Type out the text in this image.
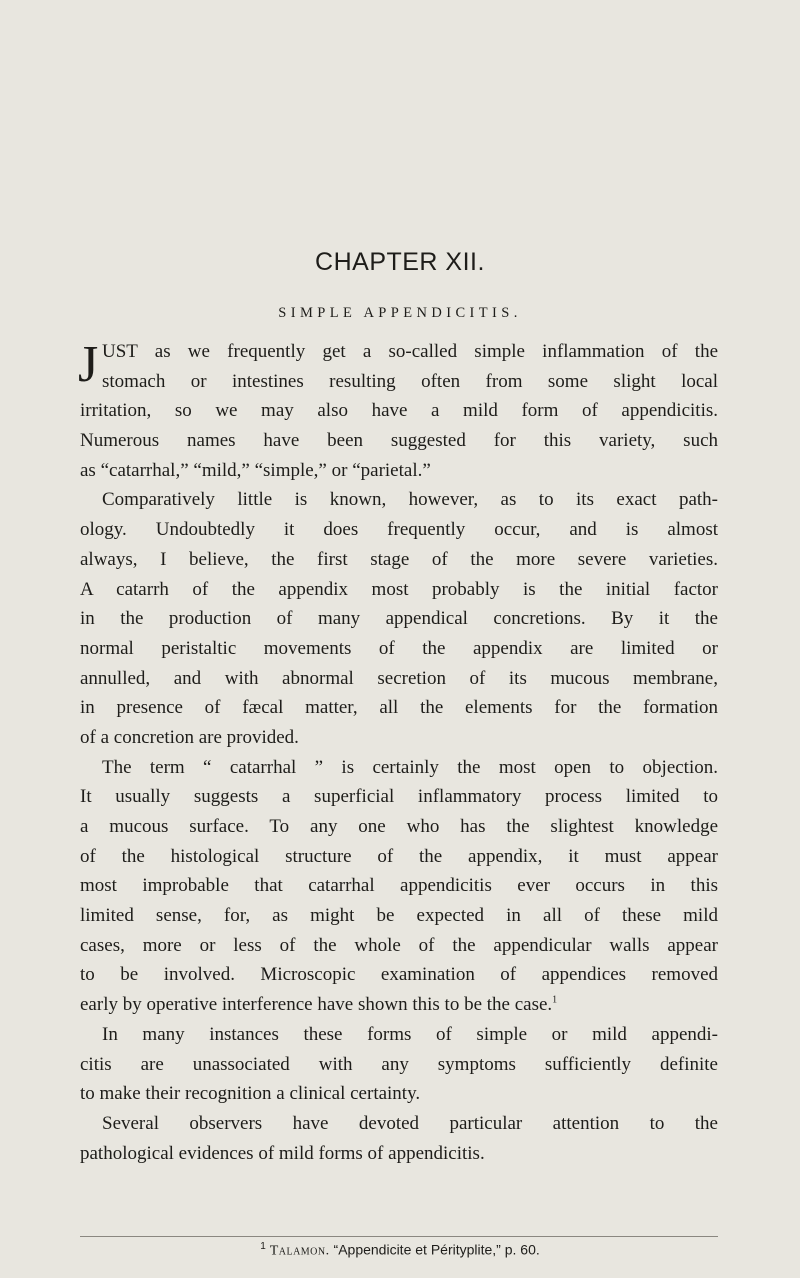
CHAPTER XII.
SIMPLE APPENDICITIS.
J UST as we frequently get a so-called simple inflammation of the
stomach or intestines resulting often from some slight local
irritation, so we may also have a mild form of appendicitis.
Numerous names have been suggested for this variety, such
as “catarrhal,” “mild,” “simple,” or “parietal.”
Comparatively little is known, however, as to its exact path-
ology. Undoubtedly it does frequently occur, and is almost
always, I believe, the first stage of the more severe varieties.
A catarrh of the appendix most probably is the initial factor
in the production of many appendical concretions. By it the
normal peristaltic movements of the appendix are limited or
annulled, and with abnormal secretion of its mucous membrane,
in presence of fæcal matter, all the elements for the formation
of a concretion are provided.
The term “ catarrhal ” is certainly the most open to objection.
It usually suggests a superficial inflammatory process limited to
a mucous surface. To any one who has the slightest knowledge
of the histological structure of the appendix, it must appear
most improbable that catarrhal appendicitis ever occurs in this
limited sense, for, as might be expected in all of these mild
cases, more or less of the whole of the appendicular walls appear
to be involved. Microscopic examination of appendices removed
early by operative interference have shown this to be the case.$^1$
In many instances these forms of simple or mild appendi-
citis are unassociated with any symptoms sufficiently definite
to make their recognition a clinical certainty.
Several observers have devoted particular attention to the
pathological evidences of mild forms of appendicitis.
$^1$ Talamon. “Appendicite et Pérityplite,” p. 60.
